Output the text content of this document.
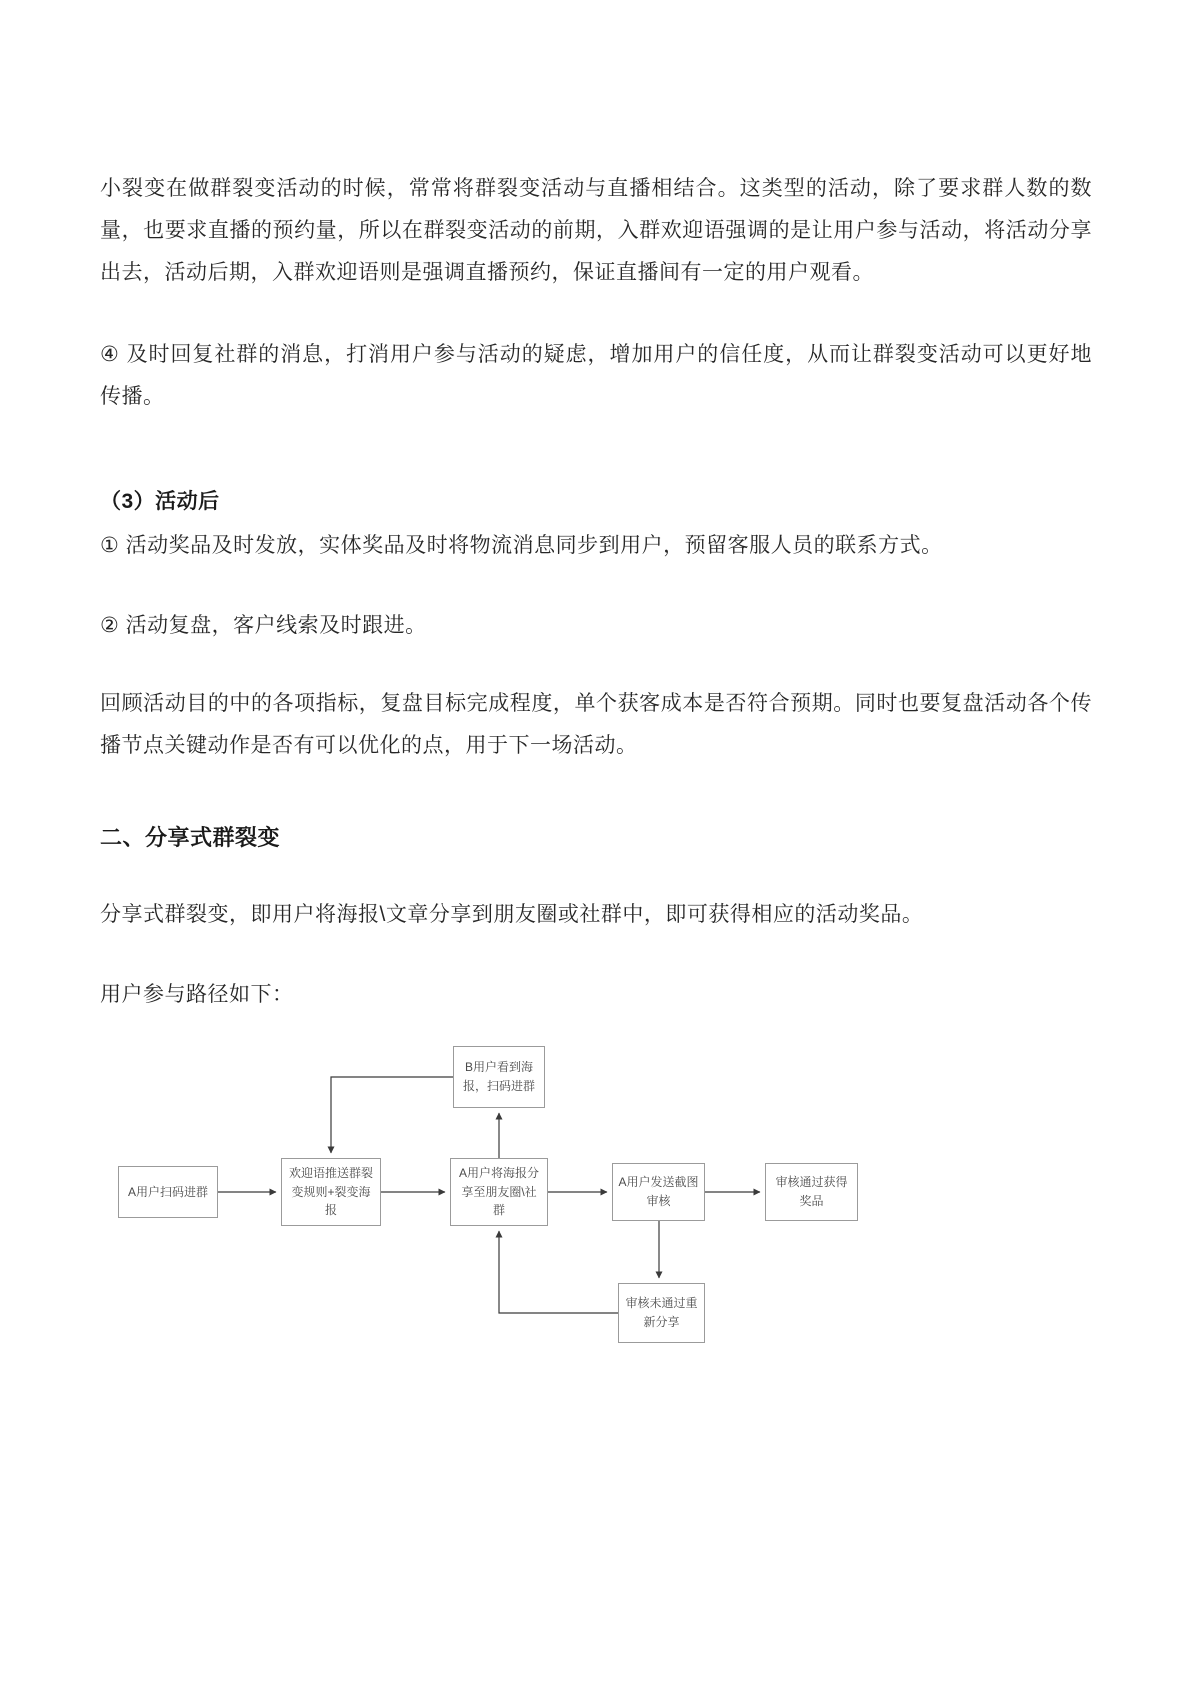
小裂变在做群裂变活动的时候，常常将群裂变活动与直播相结合。这类型的活动，除了要求群人数的数量，也要求直播的预约量，所以在群裂变活动的前期，入群欢迎语强调的是让用户参与活动，将活动分享出去，活动后期，入群欢迎语则是强调直播预约，保证直播间有一定的用户观看。

④ 及时回复社群的消息，打消用户参与活动的疑虑，增加用户的信任度，从而让群裂变活动可以更好地传播。

（3）活动后

① 活动奖品及时发放，实体奖品及时将物流消息同步到用户，预留客服人员的联系方式。

② 活动复盘，客户线索及时跟进。

回顾活动目的中的各项指标，复盘目标完成程度，单个获客成本是否符合预期。同时也要复盘活动各个传播节点关键动作是否有可以优化的点，用于下一场活动。

二、分享式群裂变

分享式群裂变，即用户将海报\文章分享到朋友圈或社群中，即可获得相应的活动奖品。

用户参与路径如下：

B用户看到海报，扫码进群
A用户扫码进群
欢迎语推送群裂变规则+裂变海报
A用户将海报分享至朋友圈\社群
A用户发送截图审核
审核通过获得奖品
审核未通过重新分享
